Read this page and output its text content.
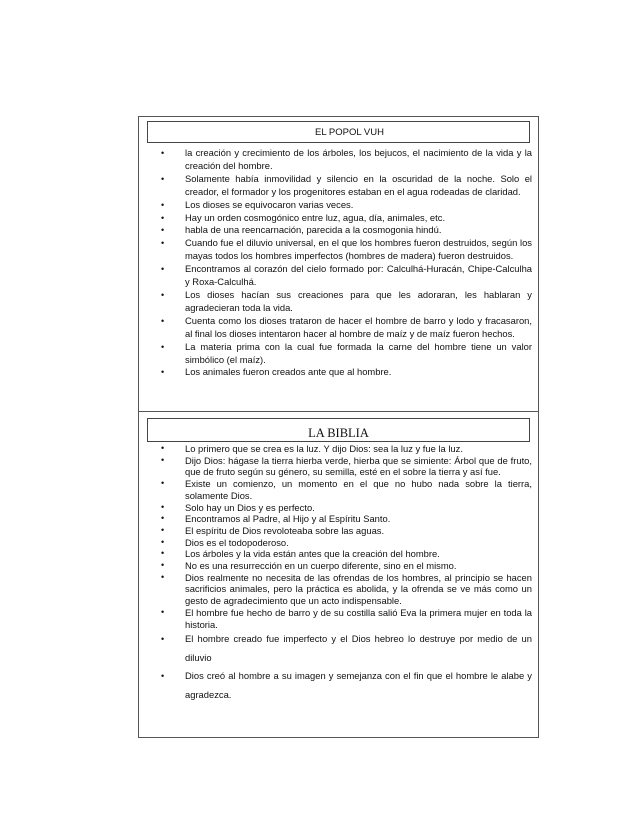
EL POPOL VUH
• la creación y crecimiento de los árboles, los bejucos, el nacimiento de la vida y la creación del hombre.
• Solamente había inmovilidad y silencio en la oscuridad de la noche. Solo el creador, el formador y los progenitores estaban en el agua rodeadas de claridad.
• Los dioses se equivocaron varias veces.
• Hay un orden cosmogónico entre luz, agua, día, animales, etc.
• habla de una reencarnación, parecida a la cosmogonia hindú.
• Cuando fue el diluvio universal, en el que los hombres fueron destruidos, según los mayas todos los hombres imperfectos (hombres de madera) fueron destruidos.
• Encontramos al corazón del cielo formado por: Calculhá-Huracán, Chipe-Calculha y Roxa-Calculhá.
• Los dioses hacían sus creaciones para que les adoraran, les hablaran y agradecieran toda la vida.
• Cuenta como los dioses trataron de hacer el hombre de barro y lodo y fracasaron, al final los dioses intentaron hacer al hombre de maíz y de maíz fueron hechos.
• La materia prima con la cual fue formada la carne del hombre tiene un valor simbólico (el maíz).
• Los animales fueron creados ante que al hombre.
LA BIBLIA
• Lo primero que se crea es la luz. Y dijo Dios: sea la luz y fue la luz.
• Dijo Dios: hágase la tierra hierba verde, hierba que se simiente: Árbol que de fruto, que de fruto según su género, su semilla, esté en el sobre la tierra y así fue.
• Existe un comienzo, un momento en el que no hubo nada sobre la tierra, solamente Dios.
• Solo hay un Dios y es perfecto.
• Encontramos al Padre, al Hijo y al Espíritu Santo.
• El espíritu de Dios revoloteaba sobre las aguas.
• Dios es el todopoderoso.
• Los árboles y la vida están antes que la creación del hombre.
• No es una resurrección en un cuerpo diferente, sino en el mismo.
• Dios realmente no necesita de las ofrendas de los hombres, al principio se hacen sacrificios animales, pero la práctica es abolida, y la ofrenda se ve más como un gesto de agradecimiento que un acto indispensable.
• El hombre fue hecho de barro y de su costilla salió Eva la primera mujer en toda la historia.
• El hombre creado fue imperfecto y el Dios hebreo lo destruye por medio de un diluvio
• Dios creó al hombre a su imagen y semejanza con el fin que el hombre le alabe y agradezca.
